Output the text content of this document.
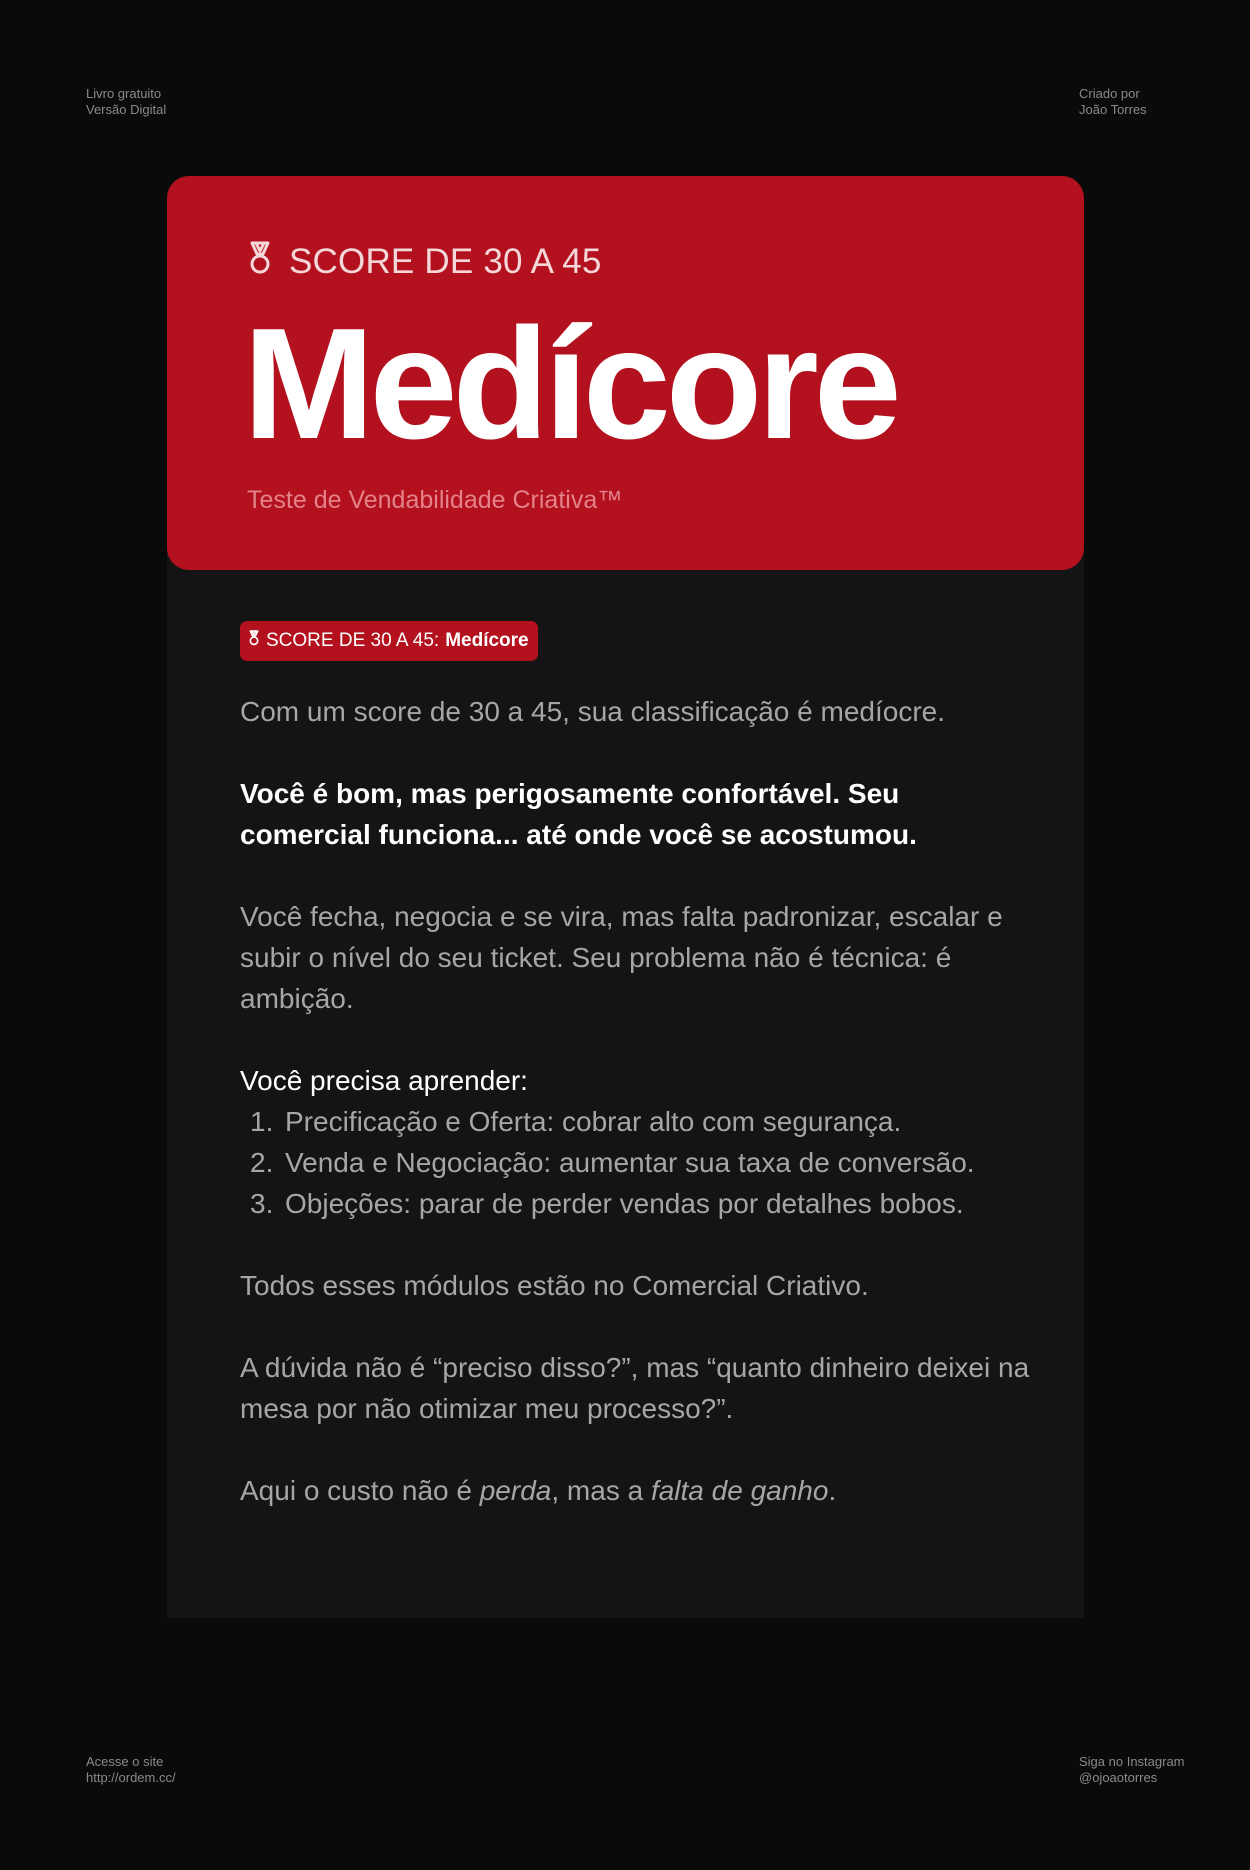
Livro gratuito
Versão Digital
Criado por
João Torres
Acesse o site
http://ordem.cc/
Siga no Instagram
@ojoaotorres
SCORE DE 30 A 45
Medícore
Teste de Vendabilidade Criativa™
SCORE DE 30 A 45: Medícore

Com um score de 30 a 45, sua classificação é medíocre.

Você é bom, mas perigosamente confortável. Seu comercial funciona... até onde você se acostumou.

Você fecha, negocia e se vira, mas falta padronizar, escalar e subir o nível do seu ticket. Seu problema não é técnica: é ambição.

Você precisa aprender:

1. Precificação e Oferta: cobrar alto com segurança.
2. Venda e Negociação: aumentar sua taxa de conversão.
3. Objeções: parar de perder vendas por detalhes bobos.

Todos esses módulos estão no Comercial Criativo.

A dúvida não é “preciso disso?”, mas “quanto dinheiro deixei na mesa por não otimizar meu processo?”.

Aqui o custo não é perda, mas a falta de ganho.
